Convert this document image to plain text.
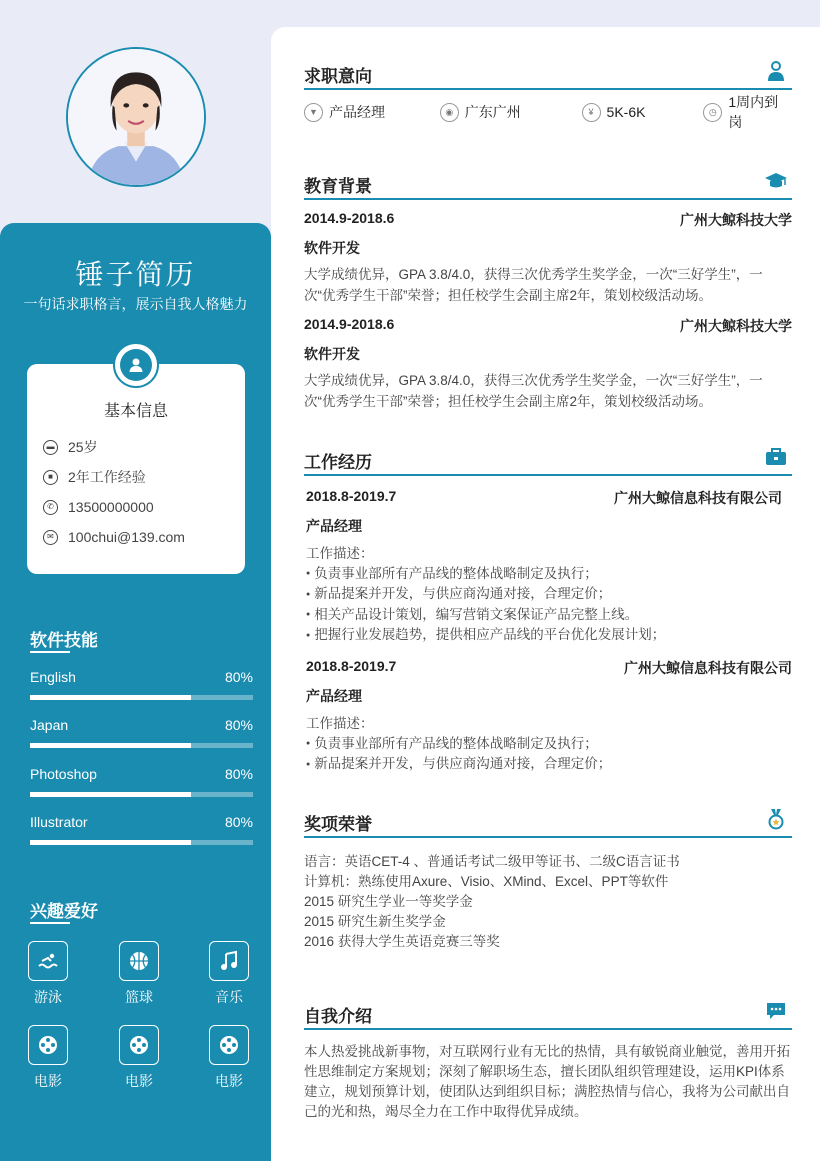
锤子简历
一句话求职格言，展示自我人格魅力
基本信息
▬ 25岁
■	2年工作经验
✆ 13500000000
✉ 100chui@139.com
软件技能
English	80%
Japan	80%
Photoshop	80%
Illustrator	80%
兴趣爱好
游泳	篮球	音乐
电影	电影	电影
求职意向
▼ 产品经理	◉ 广东广州	¥ 5K-6K	◷
1周内到岗
教育背景
2014.9-2018.6	广州大鲸科技大学
软件开发
大学成绩优异，GPA 3.8/4.0，获得三次优秀学生奖学金，一次“三好学生”，一次“优秀学生干部”荣誉；担任校学生会副主席2年，策划校级活动场。
2014.9-2018.6	广州大鲸科技大学
软件开发
大学成绩优异，GPA 3.8/4.0，获得三次优秀学生奖学金，一次“三好学生”，一次“优秀学生干部”荣誉；担任校学生会副主席2年，策划校级活动场。
工作经历
2018.8-2019.7	广州大鲸信息科技有限公司
产品经理
工作描述：
● 负责事业部所有产品线的整体战略制定及执行；
● 新品提案并开发，与供应商沟通对接，合理定价；
● 相关产品设计策划，编写营销文案保证产品完整上线。
● 把握行业发展趋势，提供相应产品线的平台优化发展计划；
2018.8-2019.7	广州大鲸信息科技有限公司
产品经理
工作描述：
● 负责事业部所有产品线的整体战略制定及执行；
● 新品提案并开发，与供应商沟通对接，合理定价；
奖项荣誉
语言：英语CET-4 、普通话考试二级甲等证书、二级C语言证书
计算机：熟练使用Axure、Visio、XMind、Excel、PPT等软件
2015 研究生学业一等奖学金
2015 研究生新生奖学金
2016 获得大学生英语竞赛三等奖
自我介绍
本人热爱挑战新事物，对互联网行业有无比的热情，具有敏锐商业触觉，善用开拓性思维制定方案规划；深刻了解职场生态，擅长团队组织管理建设，运用KPI体系建立，规划预算计划，使团队达到组织目标；满腔热情与信心，我将为公司献出自己的光和热，竭尽全力在工作中取得优异成绩。
